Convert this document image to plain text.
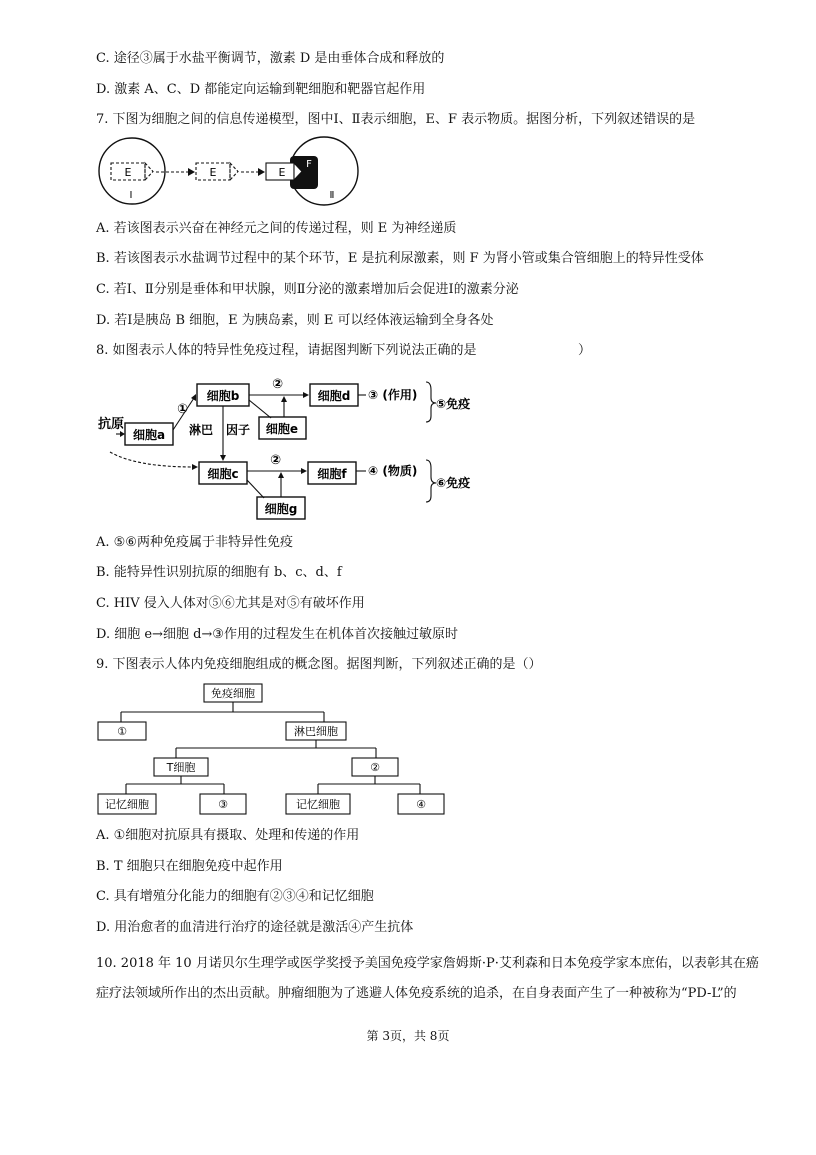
C. 途径③属于水盐平衡调节，激素 D 是由垂体合成和释放的
D. 激素 A、C、D 都能定向运输到靶细胞和靶器官起作用
7. 下图为细胞之间的信息传递模型，图中Ⅰ、Ⅱ表示细胞，E、F 表示物质。据图分析，下列叙述错误的是
E
Ⅰ
E	E
F
Ⅱ
A. 若该图表示兴奋在神经元之间的传递过程，则 E 为神经递质
B. 若该图表示水盐调节过程中的某个环节，E 是抗利尿激素，则 F 为肾小管或集合管细胞上的特异性受体
C. 若Ⅰ、Ⅱ分别是垂体和甲状腺，则Ⅱ分泌的激素增加后会促进Ⅰ的激素分泌
D. 若Ⅰ是胰岛 B 细胞，E 为胰岛素，则 E 可以经体液运输到全身各处
8. 如图表示人体的特异性免疫过程，请据图判断下列说法正确的是	）
抗原
细胞a
①
细胞b
②
细胞d ③ (作用)
⑤免疫
细胞e
淋巴 因子
细胞c
②
细胞f ④ (物质)
⑥免疫
细胞g
A. ⑤⑥两种免疫属于非特异性免疫
B. 能特异性识别抗原的细胞有 b、c、d、f
C. HIV 侵入人体对⑤⑥尤其是对⑤有破坏作用
D. 细胞 e→细胞 d→③作用的过程发生在机体首次接触过敏原时
9. 下图表示人体内免疫细胞组成的概念图。据图判断，下列叙述正确的是（）
免疫细胞
①	淋巴细胞
T细胞	②
记忆细胞	③	记忆细胞	④
A. ①细胞对抗原具有摄取、处理和传递的作用
B. T 细胞只在细胞免疫中起作用
C. 具有增殖分化能力的细胞有②③④和记忆细胞
D. 用治愈者的血清进行治疗的途径就是激活④产生抗体
10. 2018 年 10 月诺贝尔生理学或医学奖授予美国免疫学家詹姆斯·P·艾利森和日本免疫学家本庶佑，以表彰其在癌症疗法领域所作出的杰出贡献。肿瘤细胞为了逃避人体免疫系统的追杀，在自身表面产生了一种被称为“PD-L”的
第 3页，共 8页
